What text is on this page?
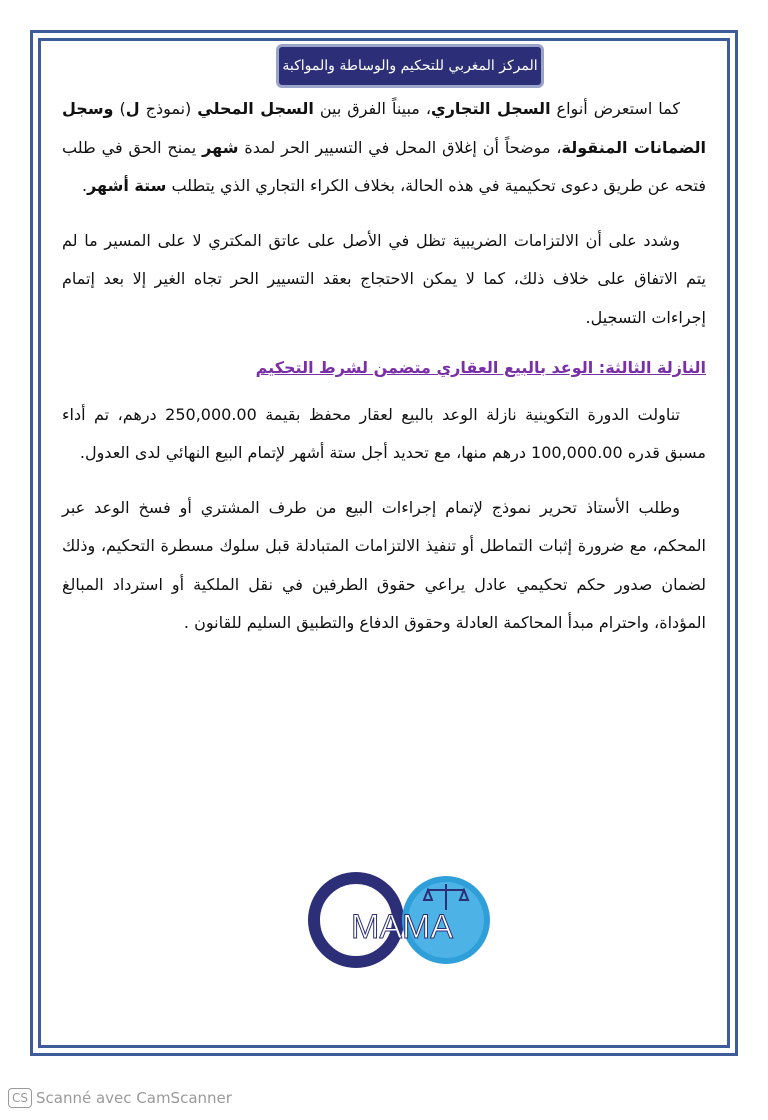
المركز المغربي للتحكيم والوساطة والمواكبة

كما استعرض أنواع السجل التجاري، مبيناً الفرق بين السجل المحلي (نموذج ل) وسجل الضمانات المنقولة، موضحاً أن إغلاق المحل في التسيير الحر لمدة شهر يمنح الحق في طلب فتحه عن طريق دعوى تحكيمية في هذه الحالة، بخلاف الكراء التجاري الذي يتطلب ستة أشهر.

وشدد على أن الالتزامات الضريبية تظل في الأصل على عاتق المكتري لا على المسير ما لم يتم الاتفاق على خلاف ذلك، كما لا يمكن الاحتجاج بعقد التسيير الحر تجاه الغير إلا بعد إتمام إجراءات التسجيل.

النازلة الثالثة: الوعد بالبيع العقاري متضمن لشرط التحكيم

تناولت الدورة التكوينية نازلة الوعد بالبيع لعقار محفظ بقيمة 250,000.00 درهم، تم أداء مسبق قدره 100,000.00 درهم منها، مع تحديد أجل ستة أشهر لإتمام البيع النهائي لدى العدول.

وطلب الأستاذ تحرير نموذج لإتمام إجراءات البيع من طرف المشتري أو فسخ الوعد عبر المحكم، مع ضرورة إثبات التماطل أو تنفيذ الالتزامات المتبادلة قبل سلوك مسطرة التحكيم، وذلك لضمان صدور حكم تحكيمي عادل يراعي حقوق الطرفين في نقل الملكية أو استرداد المبالغ المؤداة، واحترام مبدأ المحاكمة العادلة وحقوق الدفاع والتطبيق السليم للقانون .

MAMA
CS Scanné avec CamScanner
